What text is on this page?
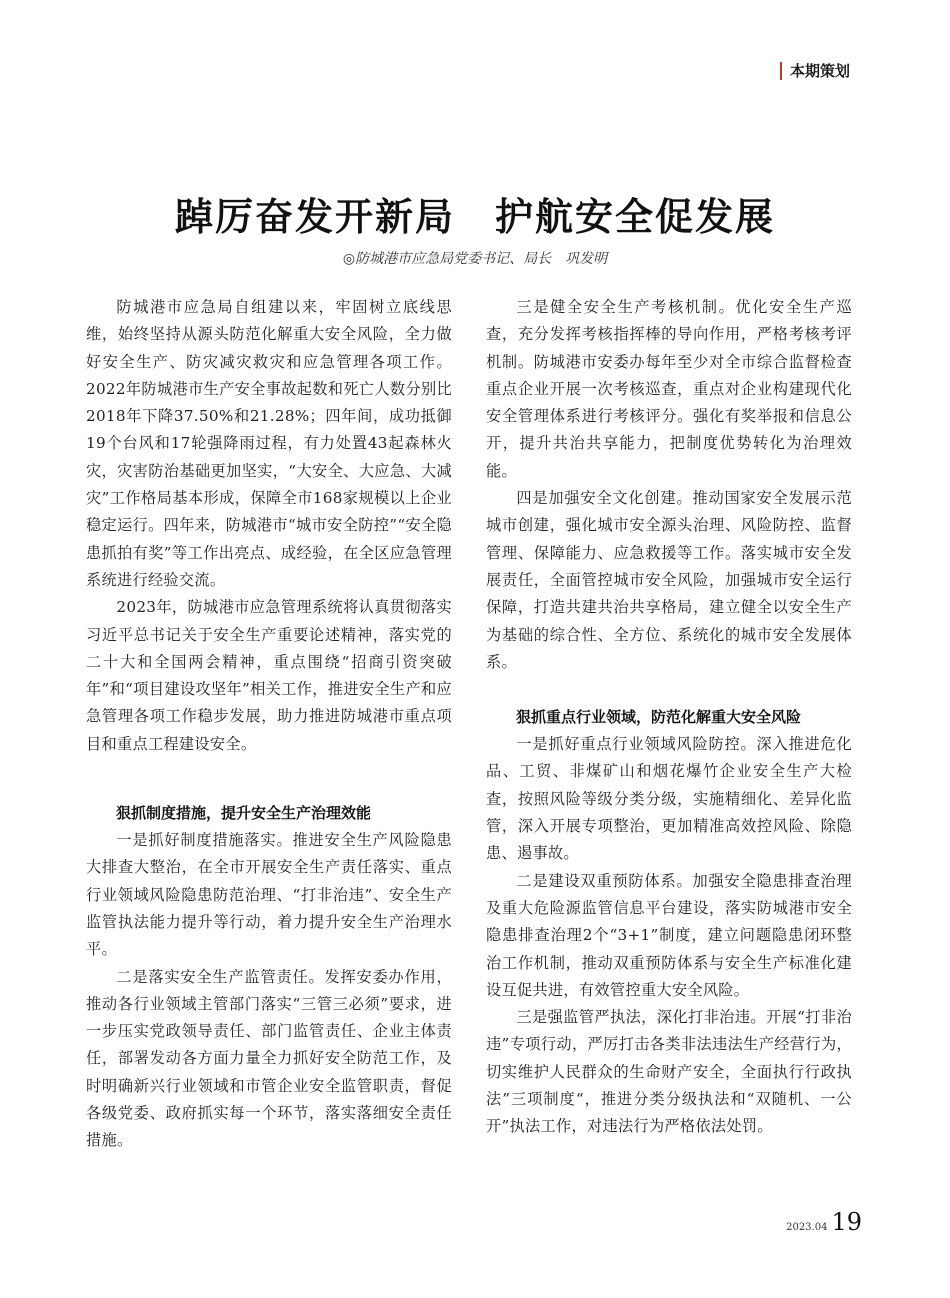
本期策划
踔厉奋发开新局　护航安全促发展
◎防城港市应急局党委书记、局长　巩发明

防城港市应急局自组建以来，牢固树立底线思维，始终坚持从源头防范化解重大安全风险，全力做好安全生产、防灾减灾救灾和应急管理各项工作。2022年防城港市生产安全事故起数和死亡人数分别比2018年下降37.50%和21.28%；四年间，成功抵御19个台风和17轮强降雨过程，有力处置43起森林火灾，灾害防治基础更加坚实，“大安全、大应急、大减灾”工作格局基本形成，保障全市168家规模以上企业稳定运行。四年来，防城港市“城市安全防控”“安全隐患抓拍有奖”等工作出亮点、成经验，在全区应急管理系统进行经验交流。

2023年，防城港市应急管理系统将认真贯彻落实习近平总书记关于安全生产重要论述精神，落实党的二十大和全国两会精神，重点围绕“招商引资突破年”和“项目建设攻坚年”相关工作，推进安全生产和应急管理各项工作稳步发展，助力推进防城港市重点项目和重点工程建设安全。

狠抓制度措施，提升安全生产治理效能

一是抓好制度措施落实。推进安全生产风险隐患大排查大整治，在全市开展安全生产责任落实、重点行业领域风险隐患防范治理、“打非治违”、安全生产监管执法能力提升等行动，着力提升安全生产治理水平。

二是落实安全生产监管责任。发挥安委办作用，推动各行业领域主管部门落实“三管三必须”要求，进一步压实党政领导责任、部门监管责任、企业主体责任，部署发动各方面力量全力抓好安全防范工作，及时明确新兴行业领域和市管企业安全监管职责，督促各级党委、政府抓实每一个环节，落实落细安全责任措施。

三是健全安全生产考核机制。优化安全生产巡查，充分发挥考核指挥棒的导向作用，严格考核考评机制。防城港市安委办每年至少对全市综合监督检查重点企业开展一次考核巡查，重点对企业构建现代化安全管理体系进行考核评分。强化有奖举报和信息公开，提升共治共享能力，把制度优势转化为治理效能。

四是加强安全文化创建。推动国家安全发展示范城市创建，强化城市安全源头治理、风险防控、监督管理、保障能力、应急救援等工作。落实城市安全发展责任，全面管控城市安全风险，加强城市安全运行保障，打造共建共治共享格局，建立健全以安全生产为基础的综合性、全方位、系统化的城市安全发展体系。

狠抓重点行业领域，防范化解重大安全风险

一是抓好重点行业领域风险防控。深入推进危化品、工贸、非煤矿山和烟花爆竹企业安全生产大检查，按照风险等级分类分级，实施精细化、差异化监管，深入开展专项整治，更加精准高效控风险、除隐患、遏事故。

二是建设双重预防体系。加强安全隐患排查治理及重大危险源监管信息平台建设，落实防城港市安全隐患排查治理2个“3+1”制度，建立问题隐患闭环整治工作机制，推动双重预防体系与安全生产标准化建设互促共进，有效管控重大安全风险。

三是强监管严执法，深化打非治违。开展“打非治违”专项行动，严厉打击各类非法违法生产经营行为，切实维护人民群众的生命财产安全，全面执行行政执法”三项制度“，推进分类分级执法和“双随机、一公开”执法工作，对违法行为严格依法处罚。

2023.04 19
